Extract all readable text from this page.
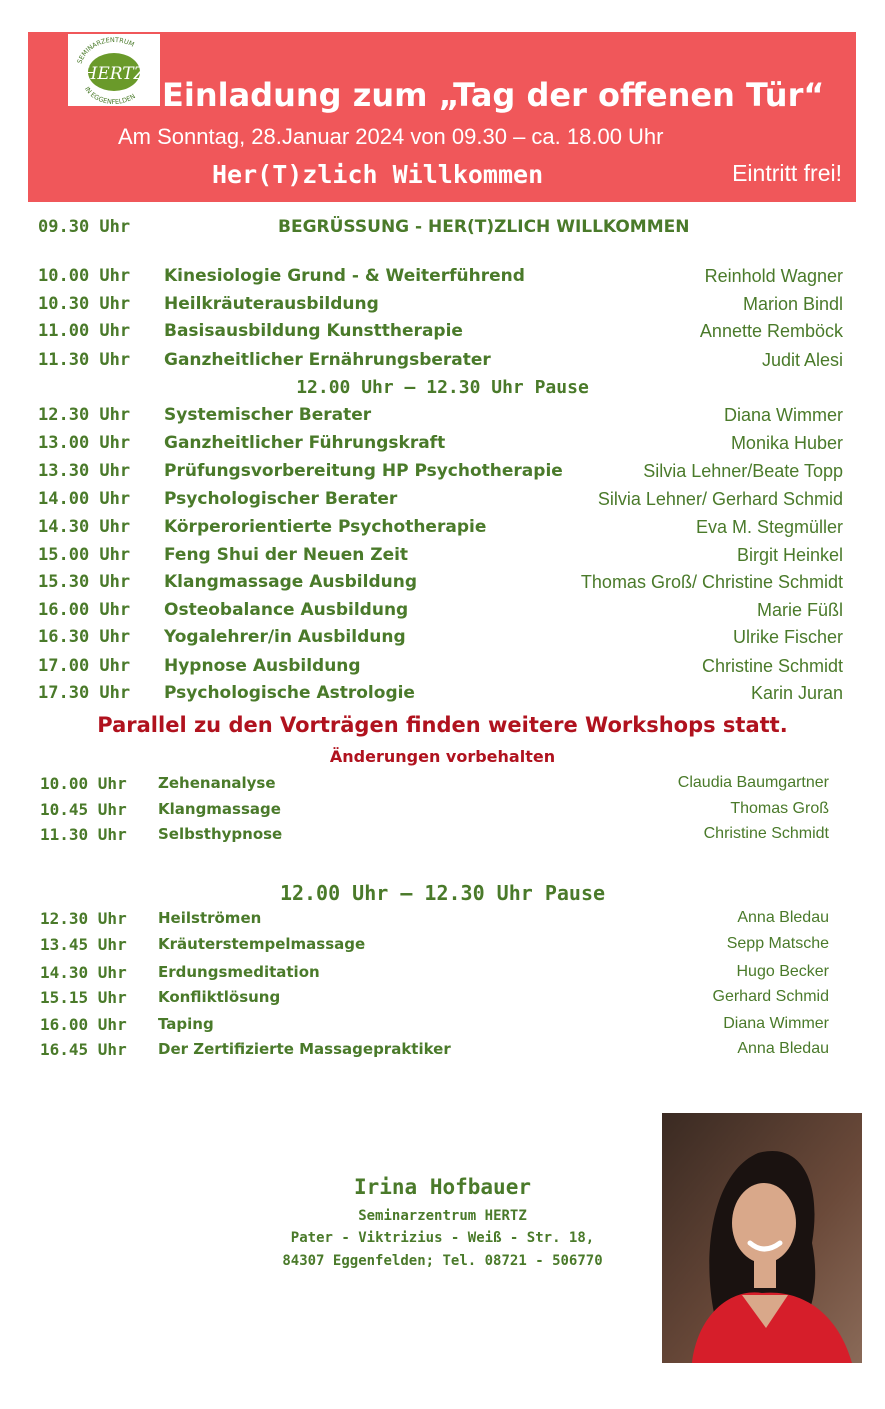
HERTZ
SEMINARZENTRUM
IN EGGENFELDEN Einladung zum „Tag der offenen Tür“
Am Sonntag, 28.Januar 2024 von 09.30 – ca. 18.00 Uhr
Her(T)zlich Willkommen	Eintritt frei!
09.30 Uhr	BEGRÜSSUNG - HER(T)ZLICH WILLKOMMEN
10.00 Uhr Kinesiologie Grund - & Weiterführend	Reinhold Wagner
10.30 Uhr Heilkräuterausbildung	Marion Bindl
11.00 Uhr Basisausbildung Kunsttherapie	Annette Remböck
11.30 Uhr Ganzheitlicher Ernährungsberater	Judit Alesi
12.00 Uhr – 12.30 Uhr Pause
12.30 Uhr Systemischer Berater	Diana Wimmer
13.00 Uhr Ganzheitlicher Führungskraft	Monika Huber
13.30 Uhr Prüfungsvorbereitung HP Psychotherapie	Silvia Lehner/Beate Topp
14.00 Uhr Psychologischer Berater	Silvia Lehner/ Gerhard Schmid
14.30 Uhr Körperorientierte Psychotherapie	Eva M. Stegmüller
15.00 Uhr Feng Shui der Neuen Zeit	Birgit Heinkel
15.30 Uhr Klangmassage Ausbildung	Thomas Groß/ Christine Schmidt
16.00 Uhr Osteobalance Ausbildung	Marie Füßl
16.30 Uhr Yogalehrer/in Ausbildung	Ulrike Fischer
17.00 Uhr Hypnose Ausbildung	Christine Schmidt
17.30 Uhr Psychologische Astrologie	Karin Juran
Parallel zu den Vorträgen finden weitere Workshops statt.
Änderungen vorbehalten
10.00 Uhr Zehenanalyse	Claudia Baumgartner
10.45 Uhr Klangmassage	Thomas Groß
11.30 Uhr Selbsthypnose	Christine Schmidt
12.00 Uhr – 12.30 Uhr Pause
12.30 Uhr Heilströmen	Anna Bledau
13.45 Uhr Kräuterstempelmassage	Sepp Matsche
14.30 Uhr Erdungsmeditation	Hugo Becker
15.15 Uhr Konfliktlösung	Gerhard Schmid
16.00 Uhr Taping	Diana Wimmer
16.45 Uhr Der Zertifizierte Massagepraktiker	Anna Bledau
Irina Hofbauer
Seminarzentrum HERTZ
Pater - Viktrizius - Weiß - Str. 18,
84307 Eggenfelden; Tel. 08721 - 506770
